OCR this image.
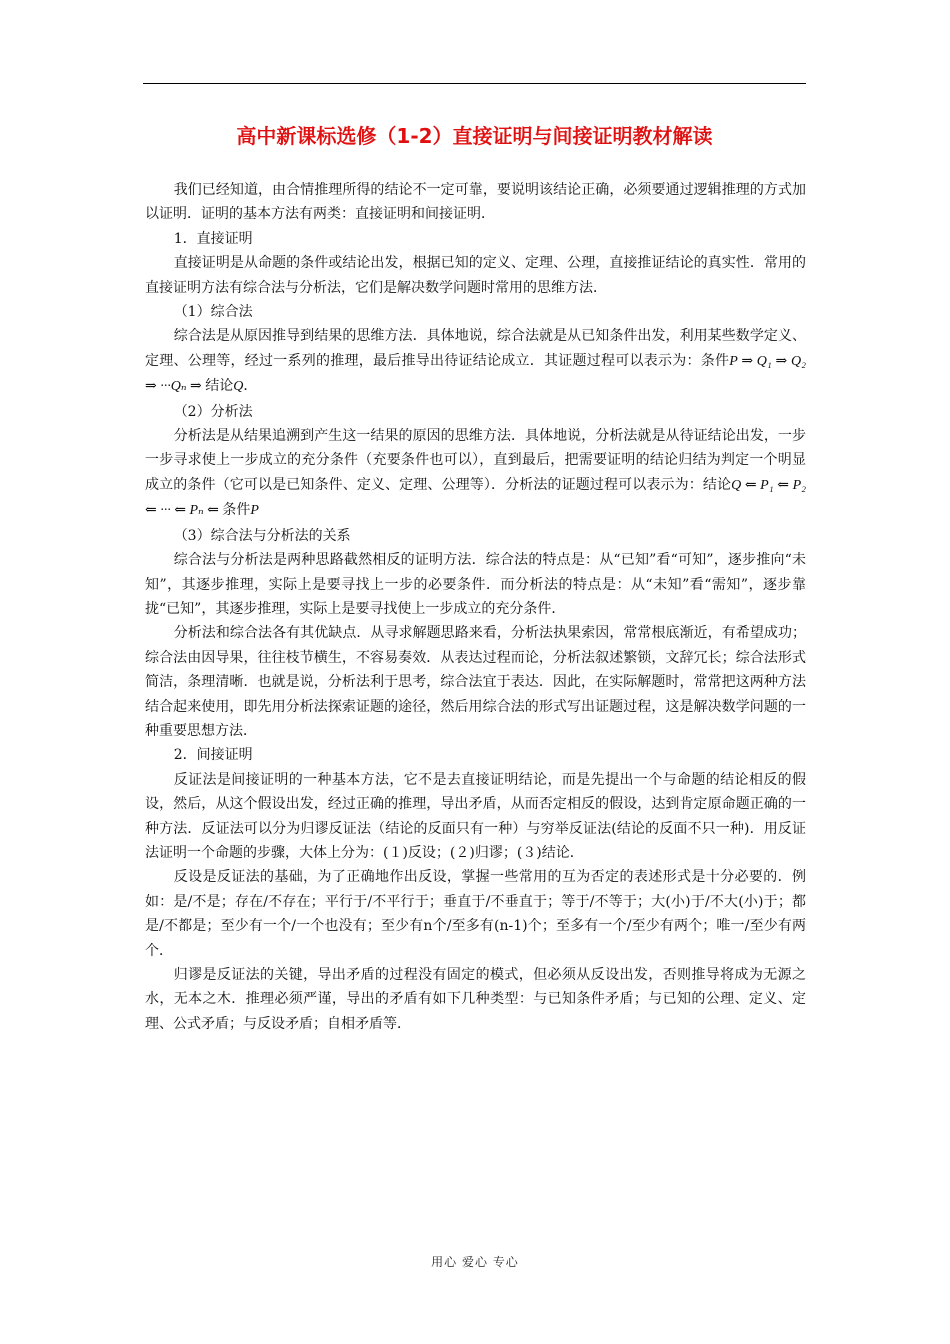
高中新课标选修（1-2）直接证明与间接证明教材解读

我们已经知道，由合情推理所得的结论不一定可靠，要说明该结论正确，必须要通过逻辑推理的方式加以证明．证明的基本方法有两类：直接证明和间接证明．

1．直接证明

直接证明是从命题的条件或结论出发，根据已知的定义、定理、公理，直接推证结论的真实性．常用的直接证明方法有综合法与分析法，它们是解决数学问题时常用的思维方法．

（1）综合法

综合法是从原因推导到结果的思维方法．具体地说，综合法就是从已知条件出发，利用某些数学定义、定理、公理等，经过一系列的推理，最后推导出待证结论成立．其证题过程可以表示为：条件P ⇒ Q₁ ⇒ Q₂ ⇒ ···Qₙ ⇒ 结论Q．

（2）分析法

分析法是从结果追溯到产生这一结果的原因的思维方法．具体地说，分析法就是从待证结论出发，一步一步寻求使上一步成立的充分条件（充要条件也可以），直到最后，把需要证明的结论归结为判定一个明显成立的条件（它可以是已知条件、定义、定理、公理等）．分析法的证题过程可以表示为：结论Q ⇐ P₁ ⇐ P₂ ⇐ ··· ⇐ Pₙ ⇐ 条件P

（3）综合法与分析法的关系

综合法与分析法是两种思路截然相反的证明方法．综合法的特点是：从“已知”看“可知”，逐步推向“未知”，其逐步推理，实际上是要寻找上一步的必要条件．而分析法的特点是：从“未知”看“需知”，逐步靠拢“已知”，其逐步推理，实际上是要寻找使上一步成立的充分条件．

分析法和综合法各有其优缺点．从寻求解题思路来看，分析法执果索因，常常根底渐近，有希望成功；综合法由因导果，往往枝节横生，不容易奏效．从表达过程而论，分析法叙述繁锁，文辞冗长；综合法形式简洁，条理清晰．也就是说，分析法利于思考，综合法宜于表达．因此，在实际解题时，常常把这两种方法结合起来使用，即先用分析法探索证题的途径，然后用综合法的形式写出证题过程，这是解决数学问题的一种重要思想方法．

2．间接证明

反证法是间接证明的一种基本方法，它不是去直接证明结论，而是先提出一个与命题的结论相反的假设，然后，从这个假设出发，经过正确的推理，导出矛盾，从而否定相反的假设，达到肯定原命题正确的一种方法．反证法可以分为归谬反证法（结论的反面只有一种）与穷举反证法(结论的反面不只一种)．用反证法证明一个命题的步骤，大体上分为：(１)反设；(２)归谬；(３)结论．

反设是反证法的基础，为了正确地作出反设，掌握一些常用的互为否定的表述形式是十分必要的．例如：是/不是；存在/不存在；平行于/不平行于；垂直于/不垂直于；等于/不等于；大(小)于/不大(小)于；都是/不都是；至少有一个/一个也没有；至少有n个/至多有(n-1)个；至多有一个/至少有两个；唯一/至少有两个．

归谬是反证法的关键，导出矛盾的过程没有固定的模式，但必须从反设出发，否则推导将成为无源之水，无本之木．推理必须严谨，导出的矛盾有如下几种类型：与已知条件矛盾；与已知的公理、定义、定理、公式矛盾；与反设矛盾；自相矛盾等．

用心 爱心 专心
